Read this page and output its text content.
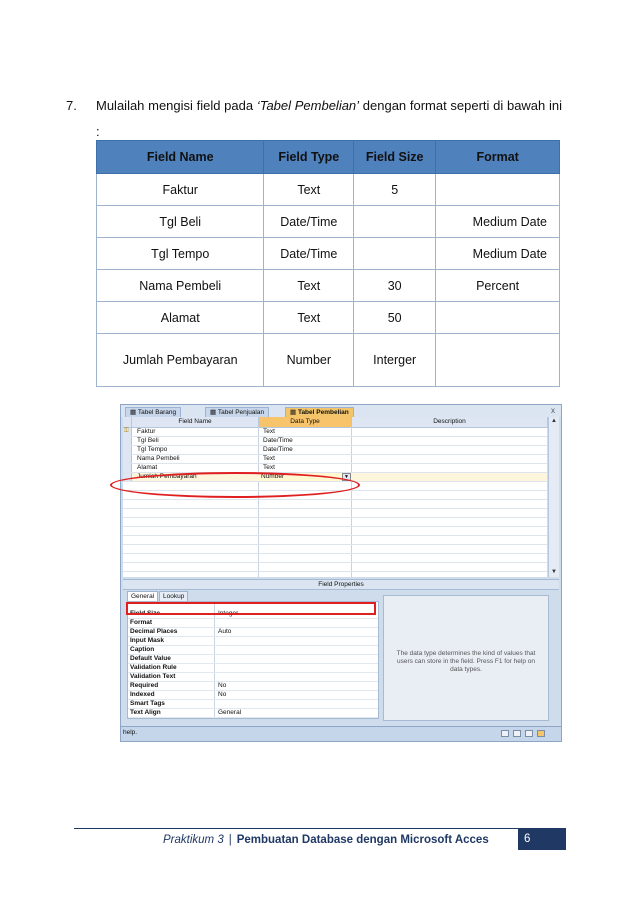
7. Mulailah mengisi field pada ‘Tabel Pembelian’ dengan format seperti di bawah ini :
Field Name	Field Type	Field Size	Format
Faktur	Text	5	
Tgl Beli	Date/Time		Medium Date
Tgl Tempo	Date/Time		Medium Date
Nama Pembeli	Text	30	Percent
Alamat	Text	50	
Jumlah Pembayaran	Number	Interger	
▦ Tabel Barang	▦ Tabel Penjualan	▦ Tabel Pembelian	x
Field Name	Data Type	Description
⚿	Faktur	Text
Tgl Beli	Date/Time
Tgl Tempo	Date/Time
Nama Pembeli	Text
Alamat	Text
Jumlah Pembayaran	Number	▼
▲
▼
Field Properties
General	Lookup
Field Size	Integer
Format
Decimal Places	Auto
Input Mask
Caption
Default Value
Validation Rule
Validation Text
Required	No
Indexed	No
Smart Tags
Text Align	General

The data type determines the kind of values that users can store in the field. Press F1 for help on data types.

help.
Praktikum 3 | Pembuatan Database dengan Microsoft Acces	6
